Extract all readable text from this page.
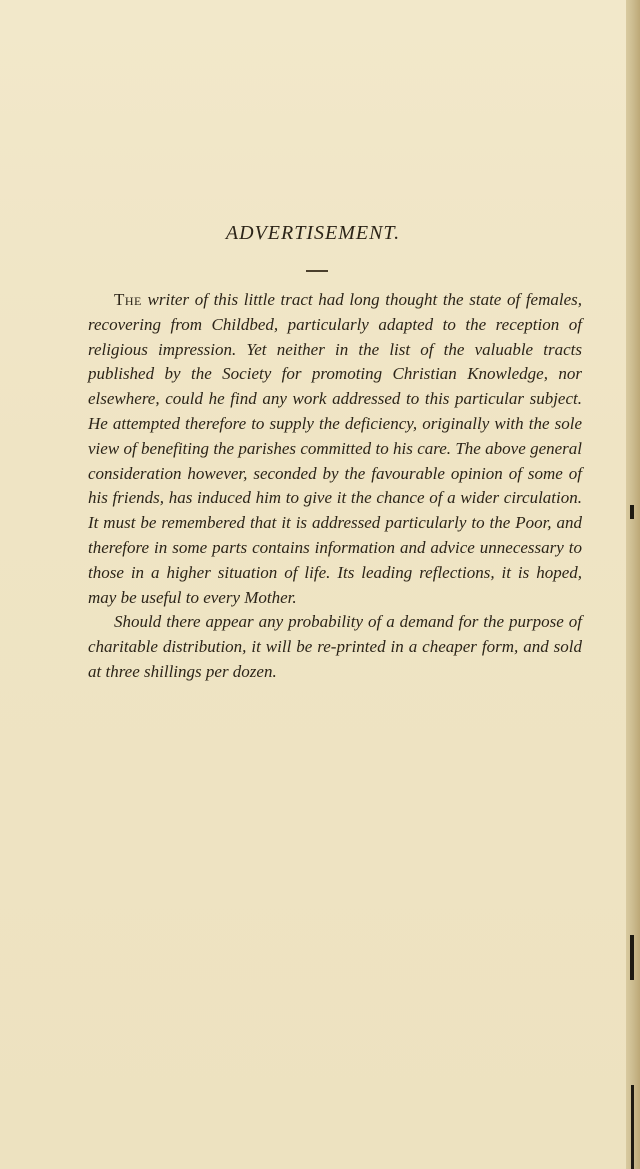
ADVERTISEMENT.

The writer of this little tract had long thought the state of females, recovering from Childbed, particularly adapted to the reception of religious impression. Yet neither in the list of the valuable tracts published by the Society for promoting Christian Knowledge, nor elsewhere, could he find any work addressed to this particular subject. He attempted therefore to supply the deficiency, originally with the sole view of benefiting the parishes committed to his care. The above general consideration however, seconded by the favourable opinion of some of his friends, has induced him to give it the chance of a wider circulation. It must be remembered that it is addressed particularly to the Poor, and therefore in some parts contains information and advice unnecessary to those in a higher situation of life. Its leading reflections, it is hoped, may be useful to every Mother.

Should there appear any probability of a demand for the purpose of charitable distribution, it will be re-printed in a cheaper form, and sold at three shillings per dozen.
